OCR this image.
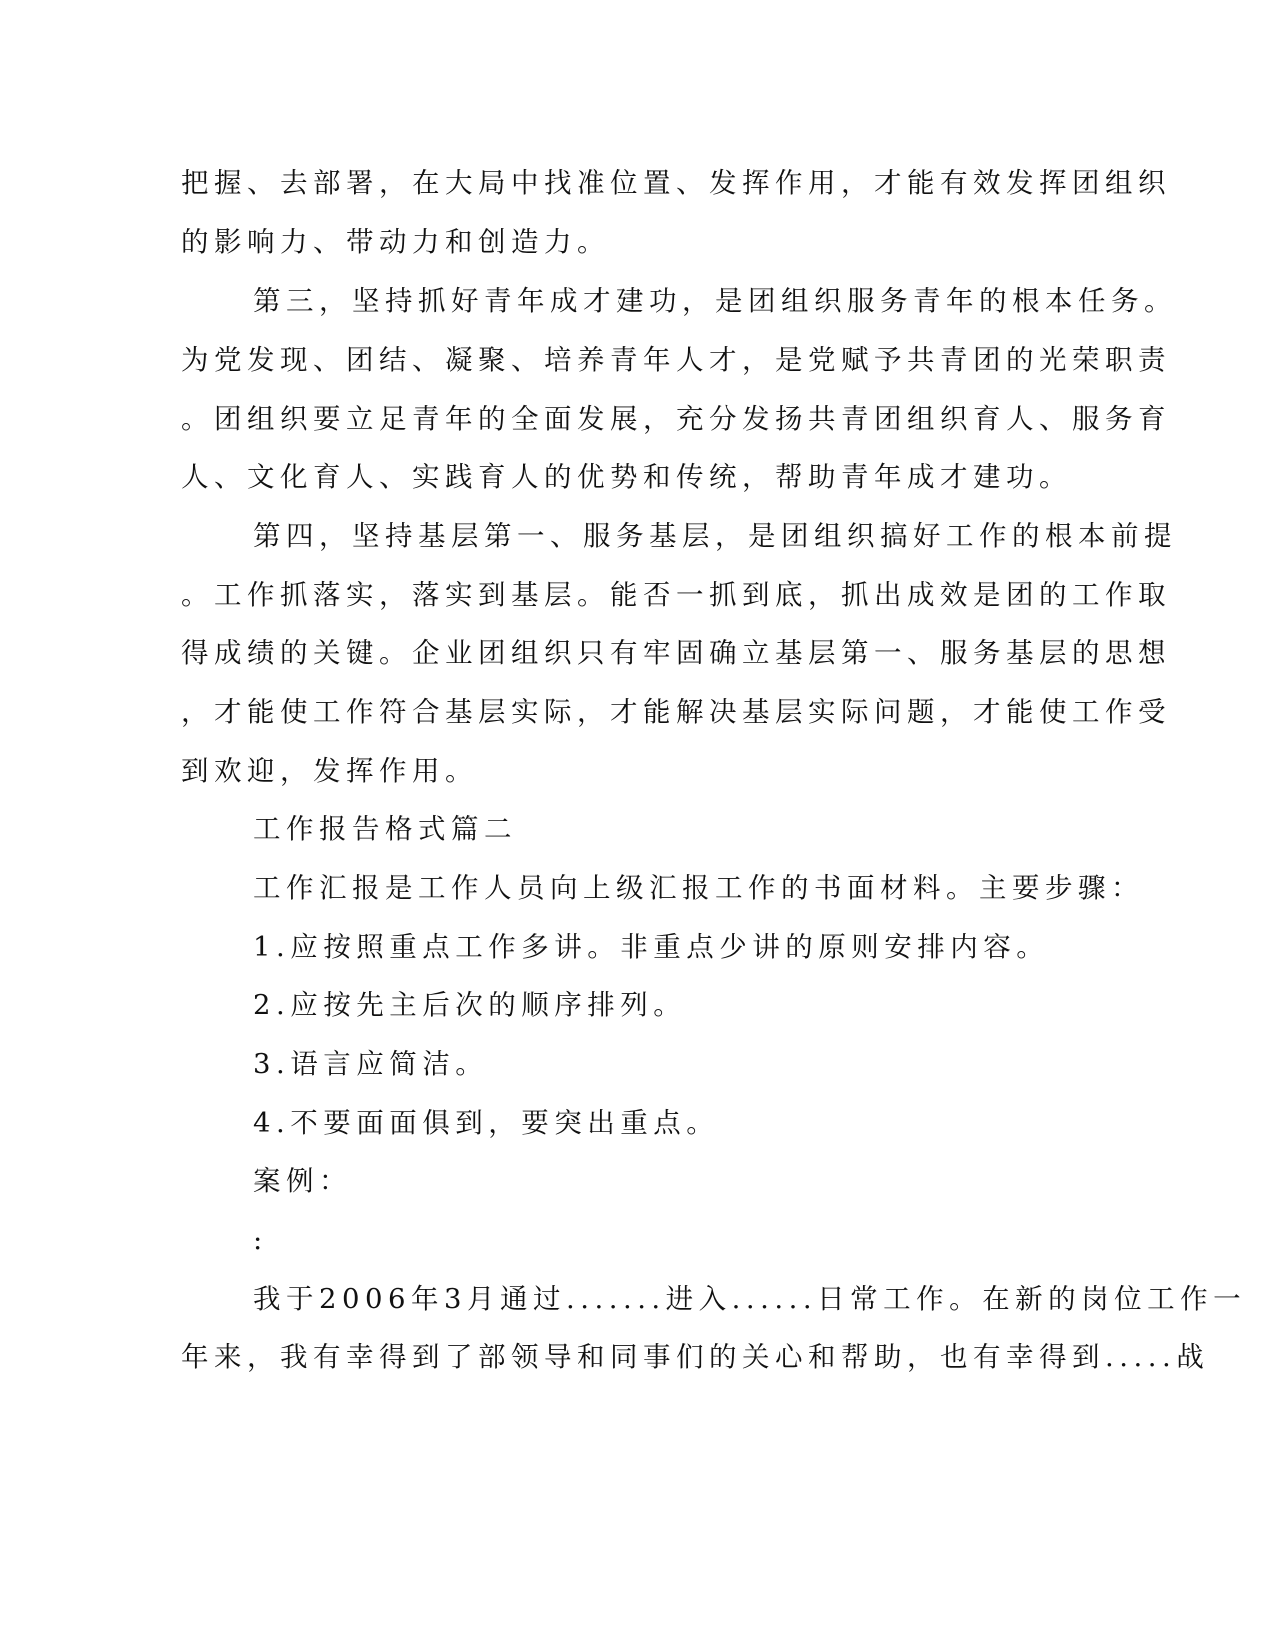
把握、去部署，在大局中找准位置、发挥作用，才能有效发挥团组织
的影响力、带动力和创造力。
第三，坚持抓好青年成才建功，是团组织服务青年的根本任务。
为党发现、团结、凝聚、培养青年人才，是党赋予共青团的光荣职责
。团组织要立足青年的全面发展，充分发扬共青团组织育人、服务育
人、文化育人、实践育人的优势和传统，帮助青年成才建功。
第四，坚持基层第一、服务基层，是团组织搞好工作的根本前提
。工作抓落实，落实到基层。能否一抓到底，抓出成效是团的工作取
得成绩的关键。企业团组织只有牢固确立基层第一、服务基层的思想
，才能使工作符合基层实际，才能解决基层实际问题，才能使工作受
到欢迎，发挥作用。
工作报告格式篇二
工作汇报是工作人员向上级汇报工作的书面材料。主要步骤：
1.应按照重点工作多讲。非重点少讲的原则安排内容。
2.应按先主后次的顺序排列。
3.语言应简洁。
4.不要面面俱到，要突出重点。
案例：
:
我于2006年3月通过.......进入......日常工作。在新的岗位工作一
年来，我有幸得到了部领导和同事们的关心和帮助，也有幸得到.....战
